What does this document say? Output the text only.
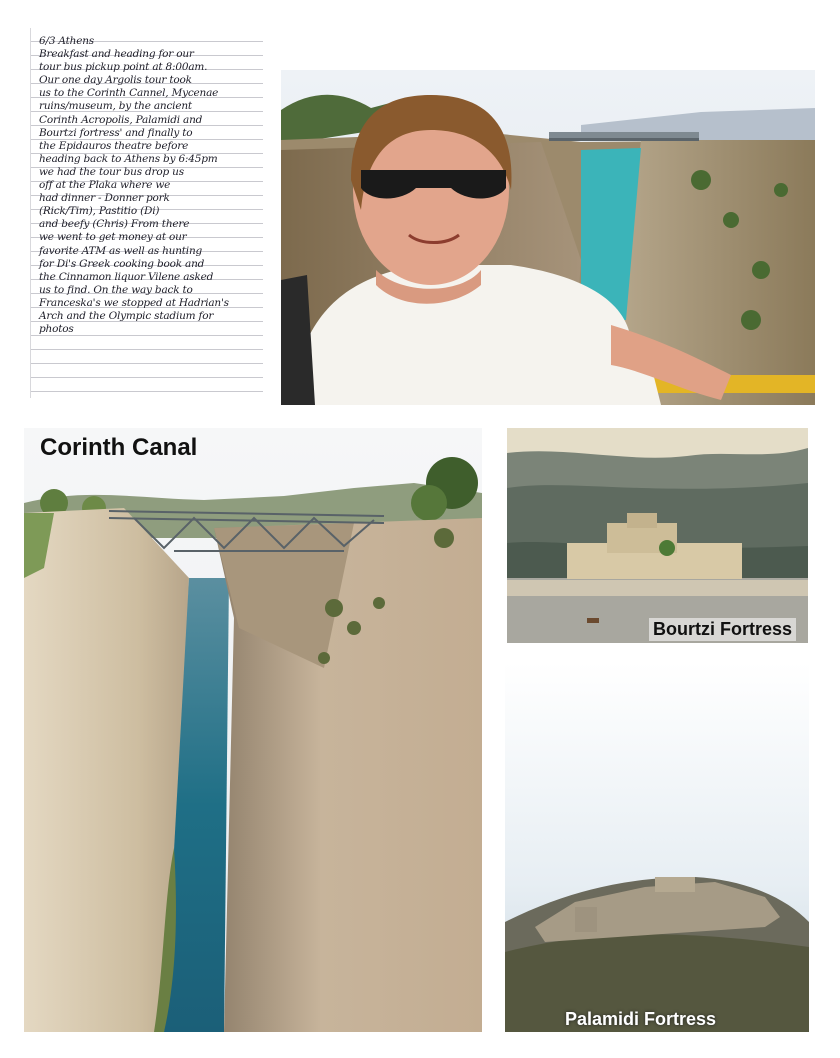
6/3 Athens
Breakfast and heading for our
tour bus pickup point at 8:00am.
Our one day Argolis tour took
us to the Corinth Cannel, Mycenae
ruins/museum, by the ancient
Corinth Acropolis, Palamidi and
Bourtzi fortress' and finally to
the Epidauros theatre before
heading back to Athens by 6:45pm
we had the tour bus drop us
off at the Plaka where we
had dinner - Donner pork
(Rick/Tim), Pastitio (Di)
and beefy (Chris) From there
we went to get money at our
favorite ATM as well as hunting
for Di's Greek cooking book and
the Cinnamon liquor Vilene asked
us to find. On the way back to
Franceska's we stopped at Hadrian's
Arch and the Olympic stadium for
photos
Corinth Canal
Bourtzi Fortress
Palamidi Fortress
